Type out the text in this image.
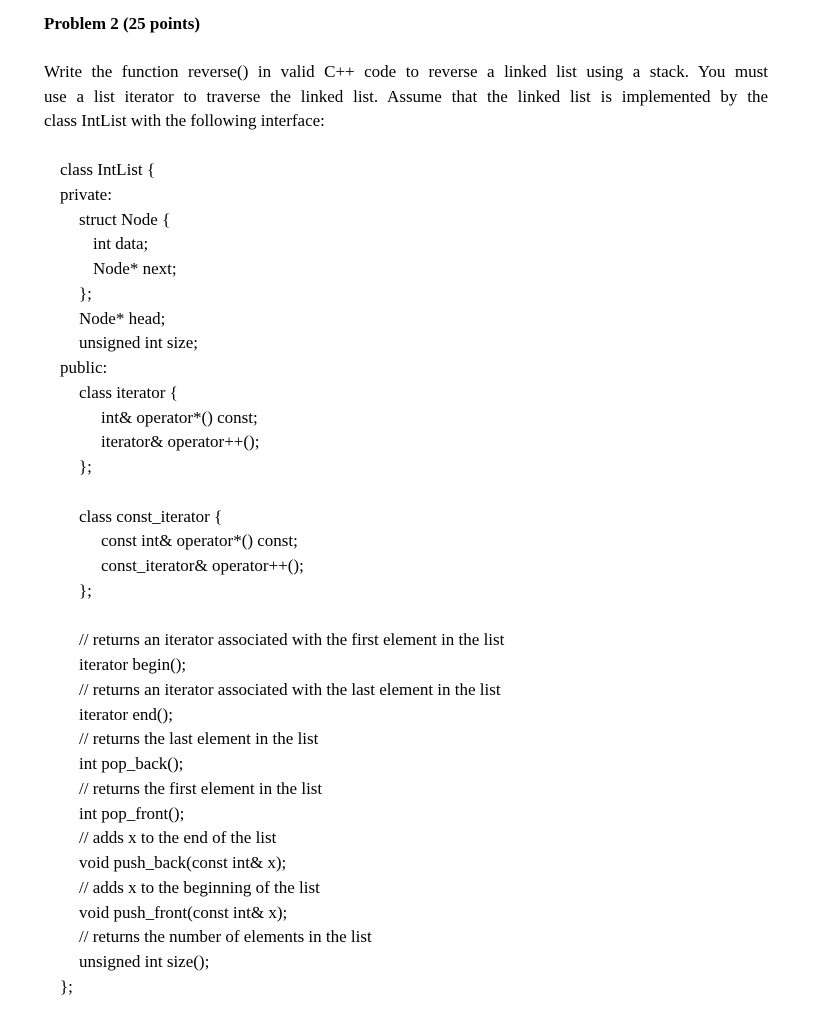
Problem 2 (25 points)
Write the function reverse() in valid C++ code to reverse a linked list using a stack. You must
use a list iterator to traverse the linked list. Assume that the linked list is implemented by the
class IntList with the following interface:
class IntList {
private:
struct Node {
int data;
Node* next;
};
Node* head;
unsigned int size;
public:
class iterator {
int& operator*() const;
iterator& operator++();
};
class const_iterator {
const int& operator*() const;
const_iterator& operator++();
};
// returns an iterator associated with the first element in the list
iterator begin();
// returns an iterator associated with the last element in the list
iterator end();
// returns the last element in the list
int pop_back();
// returns the first element in the list
int pop_front();
// adds x to the end of the list
void push_back(const int& x);
// adds x to the beginning of the list
void push_front(const int& x);
// returns the number of elements in the list
unsigned int size();
};
